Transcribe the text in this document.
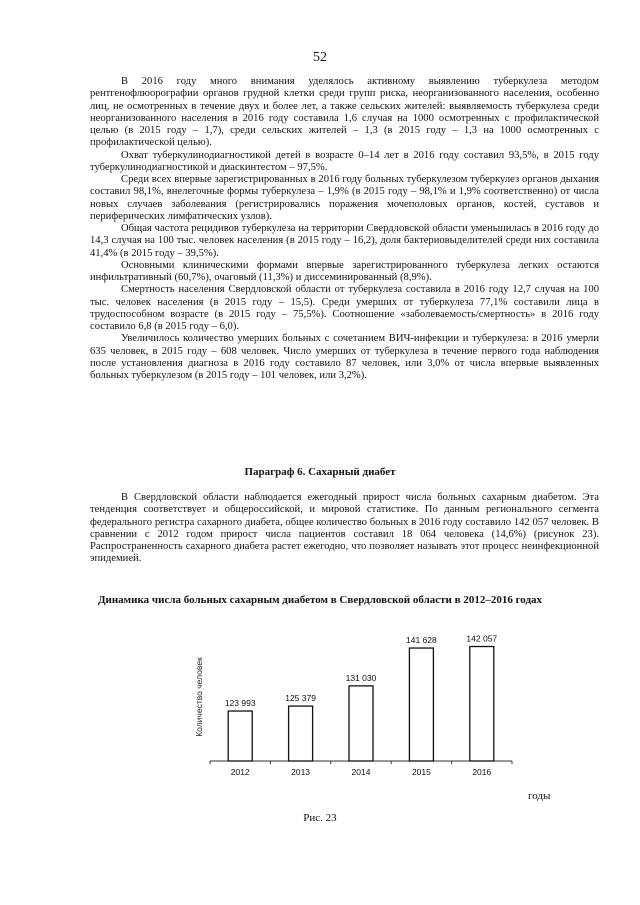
52

В 2016 году много внимания уделялось активному выявлению туберкулеза методом рентгенофлюорографии органов грудной клетки среди групп риска, неорганизованного населения, особенно лиц, не осмотренных в течение двух и более лет, а также сельских жителей: выявляемость туберкулеза среди неорганизованного населения в 2016 году составила 1,6 случая на 1000 осмотренных с профилактической целью (в 2015 году – 1,7), среди сельских жителей – 1,3 (в 2015 году – 1,3 на 1000 осмотренных с профилактической целью).

Охват туберкулинодиагностикой детей в возрасте 0–14 лет в 2016 году составил 93,5%, в 2015 году туберкулинодиагностикой и диаскинтестом – 97,5%.

Среди всех впервые зарегистрированных в 2016 году больных туберкулезом туберкулез органов дыхания составил 98,1%, внелегочные формы туберкулеза – 1,9% (в 2015 году – 98,1% и 1,9% соответственно) от числа новых случаев заболевания (регистрировались поражения мочеполовых органов, костей, суставов и периферических лимфатических узлов).

Общая частота рецидивов туберкулеза на территории Свердловской области уменьшилась в 2016 году до 14,3 случая на 100 тыс. человек населения (в 2015 году – 16,2), доля бактериовыделителей среди них составила 41,4% (в 2015 году – 39,5%).

Основными клиническими формами впервые зарегистрированного туберкулеза легких остаются инфильтративный (60,7%), очаговый (11,3%) и диссеминированный (8,9%).

Смертность населения Свердловской области от туберкулеза составила в 2016 году 12,7 случая на 100 тыс. человек населения (в 2015 году – 15,5). Среди умерших от туберкулеза 77,1% составили лица в трудоспособном возрасте (в 2015 году – 75,5%). Соотношение «заболеваемость/смертность» в 2016 году составило 6,8 (в 2015 году – 6,0).

Увеличилось количество умерших больных с сочетанием ВИЧ-инфекции и туберкулеза: в 2016 умерли 635 человек, в 2015 году – 608 человек. Число умерших от туберкулеза в течение первого года наблюдения после установления диагноза в 2016 году составило 87 человек, или 3,0% от числа впервые выявленных больных туберкулезом (в 2015 году – 101 человек, или 3,2%).

Параграф 6. Сахарный диабет

В Свердловской области наблюдается ежегодный прирост числа больных сахарным диабетом. Эта тенденция соответствует и общероссийской, и мировой статистике. По данным регионального сегмента федерального регистра сахарного диабета, общее количество больных в 2016 году составило 142 057 человек. В сравнении с 2012 годом прирост числа пациентов составил 18 064 человека (14,6%) (рисунок 23). Распространенность сахарного диабета растет ежегодно, что позволяет называть этот процесс неинфекционной эпидемией.

Динамика числа больных сахарным диабетом в Свердловской области в 2012–2016 годах
Количество человек 123 993
2012
125 379
2013
131 030
2014
141 628
2015
142 057
2016
годы
Рис. 23
